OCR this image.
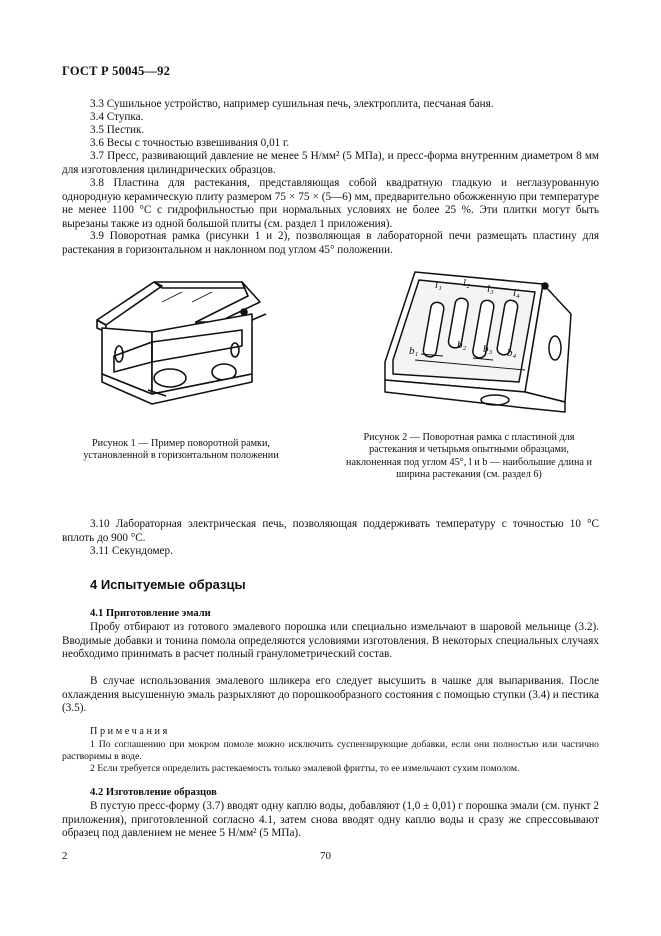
ГОСТ Р 50045—92
3.3 Сушильное устройство, например сушильная печь, электроплита, песчаная баня.
3.4 Ступка.
3.5 Пестик.
3.6 Весы с точностью взвешивания 0,01 г.
3.7 Пресс, развивающий давление не менее 5 Н/мм² (5 МПа), и пресс-форма внутренним диаметром 8 мм для изготовления цилиндрических образцов.
3.8 Пластина для растекания, представляющая собой квадратную гладкую и неглазурованную однородную керамическую плиту размером 75 × 75 × (5—6) мм, предварительно обожженную при температуре не менее 1100 °С с гидрофильностью при нормальных условиях не более 25 %. Эти плитки могут быть вырезаны также из одной большой плиты (см. раздел 1 приложения).
3.9 Поворотная рамка (рисунки 1 и 2), позволяющая в лабораторной печи размещать пластину для растекания в горизонтальном и наклонном под углом 45° положении.
l₁ l₂ l₃ l₄
b₁	b₂ b₃ b₄
Рисунок 1 — Пример поворотной рамки, установленной в горизонтальном положении
Рисунок 2 — Поворотная рамка с пластиной для растекания и четырьмя опытными образцами, наклоненная под углом 45°, l и b — наибольшие длина и ширина растекания (см. раздел 6)
3.10 Лабораторная электрическая печь, позволяющая поддерживать температуру с точностью 10 °С вплоть до 900 °С.
3.11 Секундомер.
4 Испытуемые образцы
4.1 Приготовление эмали
Пробу отбирают из готового эмалевого порошка или специально измельчают в шаровой мельнице (3.2). Вводимые добавки и тонина помола определяются условиями изготовления. В некоторых специальных случаях необходимо принимать в расчет полный гранулометрический состав.
В случае использования эмалевого шликера его следует высушить в чашке для выпаривания. После охлаждения высушенную эмаль разрыхляют до порошкообразного состояния с помощью ступки (3.4) и пестика (3.5).
Примечания
1 По соглашению при мокром помоле можно исключить суспензирующие добавки, если они полностью или частично растворимы в воде.
2 Если требуется определить растекаемость только эмалевой фритты, то ее измельчают сухим помолом.
4.2 Изготовление образцов
В пустую пресс-форму (3.7) вводят одну каплю воды, добавляют (1,0 ± 0,01) г порошка эмали (см. пункт 2 приложения), приготовленной согласно 4.1, затем снова вводят одну каплю воды и сразу же спрессовывают образец под давлением не менее 5 Н/мм² (5 МПа).
2	70
